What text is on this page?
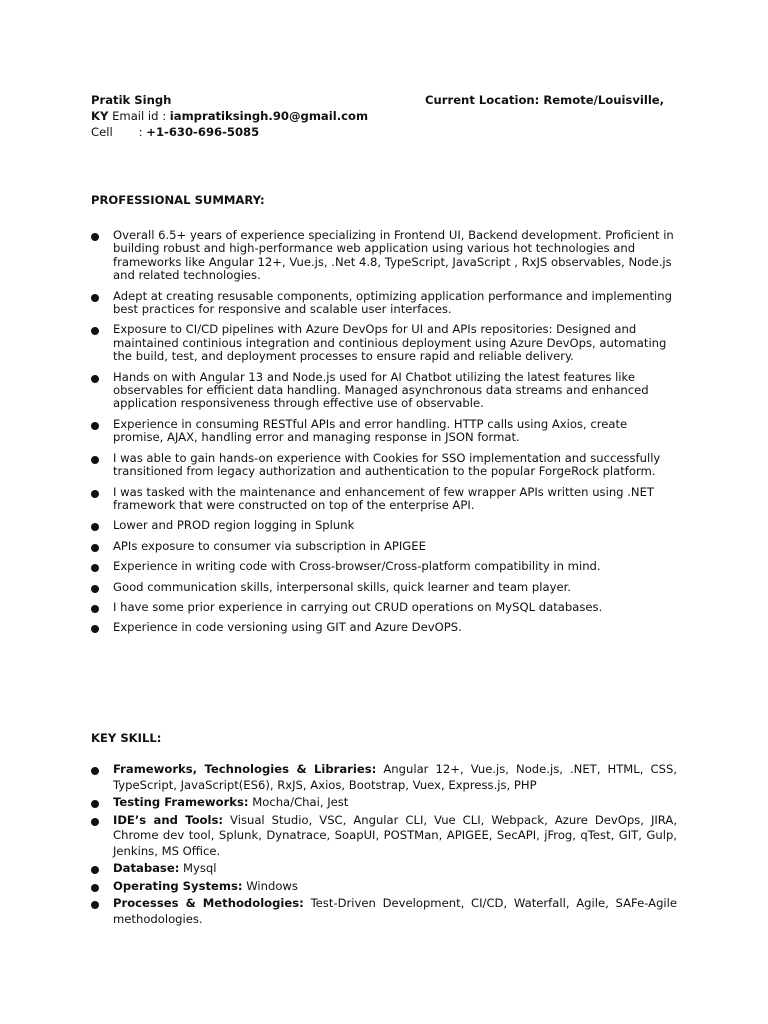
Pratik Singh	Current Location: Remote/Louisville,
KY Email id : iampratiksingh.90@gmail.com
Cell : +1-630-696-5085
PROFESSIONAL SUMMARY:
Overall 6.5+ years of experience specializing in Frontend UI, Backend development. Proficient in building robust and high-performance web application using various hot technologies and frameworks like Angular 12+, Vue.js, .Net 4.8, TypeScript, JavaScript , RxJS observables, Node.js and related technologies.
Adept at creating resusable components, optimizing application performance and implementing best practices for responsive and scalable user interfaces.
Exposure to CI/CD pipelines with Azure DevOps for UI and APIs repositories: Designed and maintained continious integration and continious deployment using Azure DevOps, automating the build, test, and deployment processes to ensure rapid and reliable delivery.
Hands on with Angular 13 and Node.js used for AI Chatbot utilizing the latest features like observables for efficient data handling. Managed asynchronous data streams and enhanced application responsiveness through effective use of observable.
Experience in consuming RESTful APIs and error handling. HTTP calls using Axios, create promise, AJAX, handling error and managing response in JSON format.
I was able to gain hands-on experience with Cookies for SSO implementation and successfully transitioned from legacy authorization and authentication to the popular ForgeRock platform.
I was tasked with the maintenance and enhancement of few wrapper APIs written using .NET framework that were constructed on top of the enterprise API.
Lower and PROD region logging in Splunk
APIs exposure to consumer via subscription in APIGEE
Experience in writing code with Cross-browser/Cross-platform compatibility in mind.
Good communication skills, interpersonal skills, quick learner and team player.
I have some prior experience in carrying out CRUD operations on MySQL databases.
Experience in code versioning using GIT and Azure DevOPS.
KEY SKILL:
Frameworks, Technologies & Libraries: Angular 12+, Vue.js, Node.js, .NET, HTML, CSS, TypeScript, JavaScript(ES6), RxJS, Axios, Bootstrap, Vuex, Express.js, PHP
Testing Frameworks: Mocha/Chai, Jest
IDE’s and Tools: Visual Studio, VSC, Angular CLI, Vue CLI, Webpack, Azure DevOps, JIRA, Chrome dev tool, Splunk, Dynatrace, SoapUI, POSTMan, APIGEE, SecAPI, jFrog, qTest, GIT, Gulp, Jenkins, MS Office.
Database: Mysql
Operating Systems: Windows
Processes & Methodologies: Test-Driven Development, CI/CD, Waterfall, Agile, SAFe-Agile methodologies.
